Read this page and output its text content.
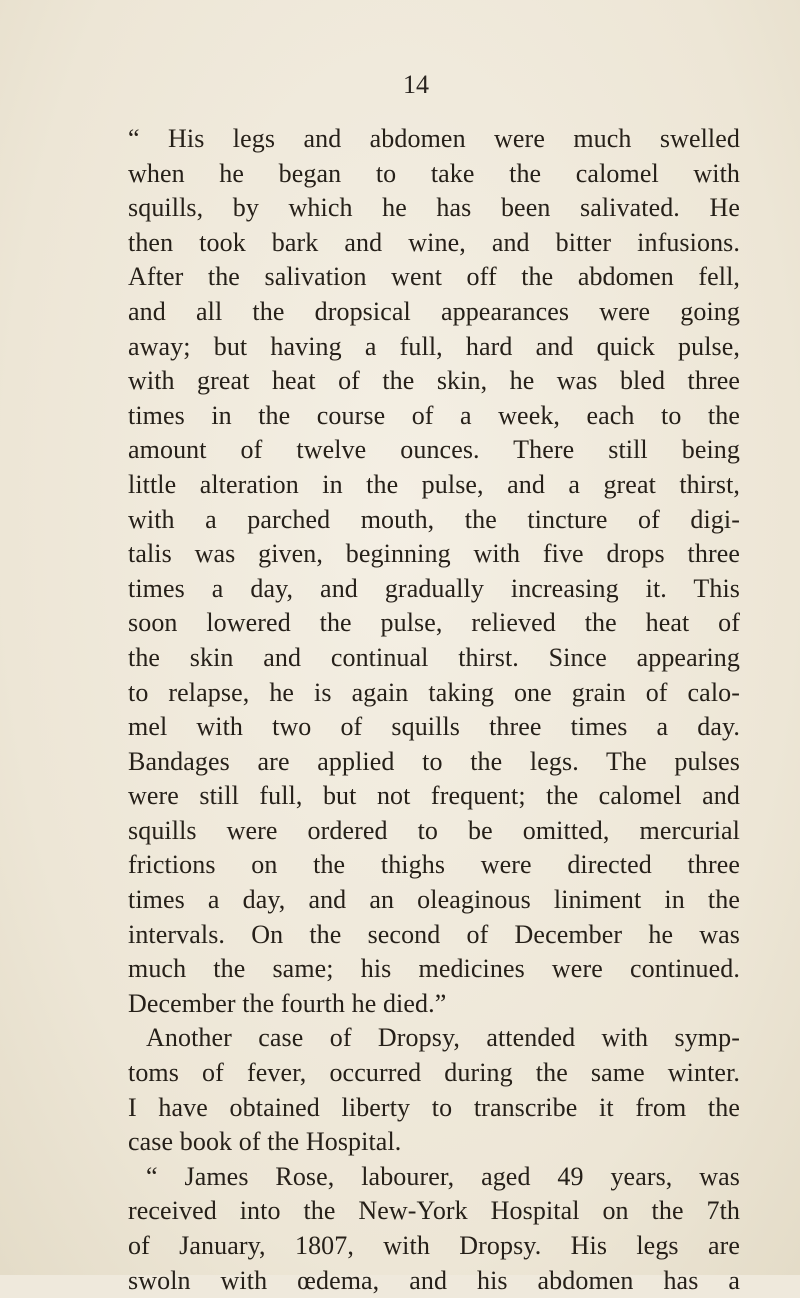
14
“ His legs and abdomen were much swelled
when he began to take the calomel with
squills, by which he has been salivated. He
then took bark and wine, and bitter infusions.
After the salivation went off the abdomen fell,
and all the dropsical appearances were going
away; but having a full, hard and quick pulse,
with great heat of the skin, he was bled three
times in the course of a week, each to the
amount of twelve ounces. There still being
little alteration in the pulse, and a great thirst,
with a parched mouth, the tincture of digi-
talis was given, beginning with five drops three
times a day, and gradually increasing it. This
soon lowered the pulse, relieved the heat of
the skin and continual thirst. Since appearing
to relapse, he is again taking one grain of calo-
mel with two of squills three times a day.
Bandages are applied to the legs. The pulses
were still full, but not frequent; the calomel and
squills were ordered to be omitted, mercurial
frictions on the thighs were directed three
times a day, and an oleaginous liniment in the
intervals. On the second of December he was
much the same; his medicines were continued.
December the fourth he died.”
Another case of Dropsy, attended with symp-
toms of fever, occurred during the same winter.
I have obtained liberty to transcribe it from the
case book of the Hospital.
“ James Rose, labourer, aged 49 years, was
received into the New-York Hospital on the 7th
of January, 1807, with Dropsy. His legs are
swoln with œdema, and his abdomen has a
